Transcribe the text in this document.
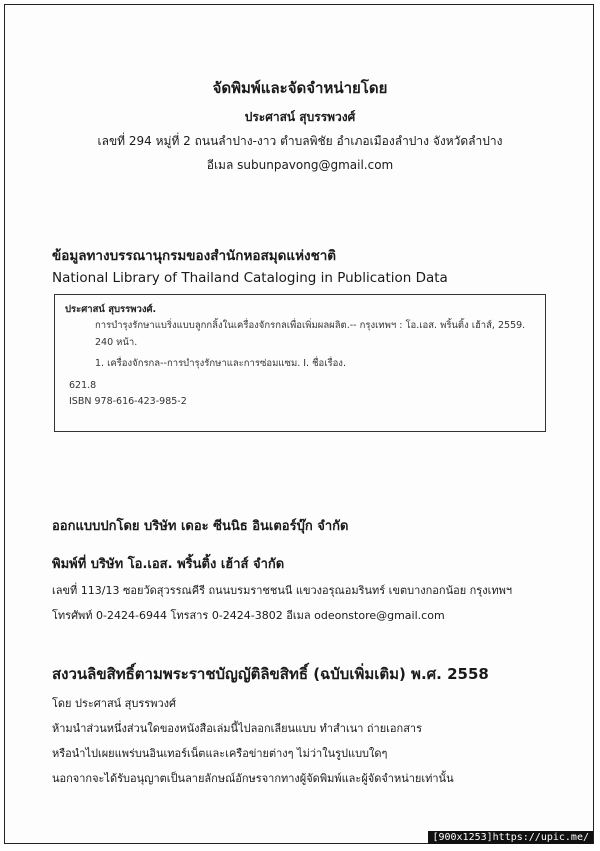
จัดพิมพ์และจัดจำหน่ายโดย
ประศาสน์ สุบรรพวงศ์
เลขที่ 294 หมู่ที่ 2 ถนนลำปาง-งาว ตำบลพิชัย อำเภอเมืองลำปาง จังหวัดลำปาง
อีเมล subunpavong@gmail.com
ข้อมูลทางบรรณานุกรมของสำนักหอสมุดแห่งชาติ
National Library of Thailand Cataloging in Publication Data
ประศาสน์ สุบรรพวงศ์.
การบำรุงรักษาแบริ่งแบบลูกกลิ้งในเครื่องจักรกลเพื่อเพิ่มผลผลิต.-- กรุงเทพฯ : โอ.เอส. พริ้นติ้ง เฮ้าส์, 2559.
240 หน้า.
1. เครื่องจักรกล--การบำรุงรักษาและการซ่อมแซม. I. ชื่อเรื่อง.
621.8
ISBN 978-616-423-985-2
ออกแบบปกโดย บริษัท เดอะ ซีนนิธ อินเตอร์บุ๊ก จำกัด
พิมพ์ที่ บริษัท โอ.เอส. พริ้นติ้ง เฮ้าส์ จำกัด
เลขที่ 113/13 ซอยวัดสุวรรณคีรี ถนนบรมราชชนนี แขวงอรุณอมรินทร์ เขตบางกอกน้อย กรุงเทพฯ
โทรศัพท์ 0-2424-6944 โทรสาร 0-2424-3802 อีเมล odeonstore@gmail.com
สงวนลิขสิทธิ์ตามพระราชบัญญัติลิขสิทธิ์ (ฉบับเพิ่มเติม) พ.ศ. 2558
โดย ประศาสน์ สุบรรพวงศ์
ห้ามนำส่วนหนึ่งส่วนใดของหนังสือเล่มนี้ไปลอกเลียนแบบ ทำสำเนา ถ่ายเอกสาร
หรือนำไปเผยแพร่บนอินเทอร์เน็ตและเครือข่ายต่างๆ ไม่ว่าในรูปแบบใดๆ
นอกจากจะได้รับอนุญาตเป็นลายลักษณ์อักษรจากทางผู้จัดพิมพ์และผู้จัดจำหน่ายเท่านั้น
[900x1253]https://upic.me/
